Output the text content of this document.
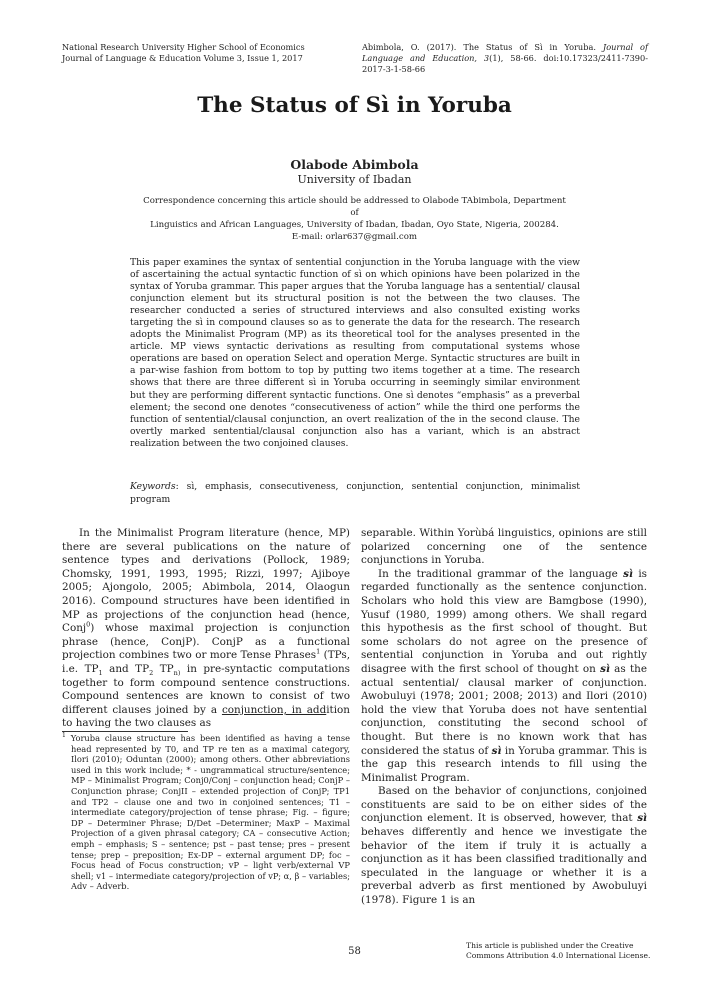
National Research University Higher School of Economics
Journal of Language & Education Volume 3, Issue 1, 2017
Abimbola, O. (2017). The Status of Sì in Yoruba. Journal of Language and Education, 3(1), 58-66. doi:10.17323/2411-7390-2017-3-1-58-66
The Status of Sì in Yoruba
Olabode Abimbola
University of Ibadan
Correspondence concerning this article should be addressed to Olabode TAbimbola, Department of
Linguistics and African Languages, University of Ibadan, Ibadan, Oyo State, Nigeria, 200284.
E-mail: orlar637@gmail.com
This paper examines the syntax of sentential conjunction in the Yoruba language with the view of ascertaining the actual syntactic function of sì on which opinions have been polarized in the syntax of Yoruba grammar. This paper argues that the Yoruba language has a sentential/ clausal conjunction element but its structural position is not the between the two clauses. The researcher conducted a series of structured interviews and also consulted existing works targeting the sì in compound clauses so as to generate the data for the research. The research adopts the Minimalist Program (MP) as its theoretical tool for the analyses presented in the article. MP views syntactic derivations as resulting from computational systems whose operations are based on operation Select and operation Merge. Syntactic structures are built in a par-wise fashion from bottom to top by putting two items together at a time. The research shows that there are three different sì in Yoruba occurring in seemingly similar environment but they are performing different syntactic functions. One sì denotes “emphasis” as a preverbal element; the second one denotes “consecutiveness of action” while the third one performs the function of sentential/clausal conjunction, an overt realization of the in the second clause. The overtly marked sentential/clausal conjunction also has a variant, which is an abstract realization between the two conjoined clauses.
Keywords: sì, emphasis, consecutiveness, conjunction, sentential conjunction, minimalist program

In the Minimalist Program literature (hence, MP) there are several publications on the nature of sentence types and derivations (Pollock, 1989; Chomsky, 1991, 1993, 1995; Rizzi, 1997; Ajiboye 2005; Ajongolo, 2005; Abimbola, 2014, Olaogun 2016). Compound structures have been identified in MP as projections of the conjunction head (hence, Conj$^0$) whose maximal projection is conjunction phrase (hence, ConjP). ConjP as a functional projection combines two or more Tense Phrases$^1$ (TPs, i.e. $TP_1$ and $TP_2$ $TP_{n)}$ in pre-syntactic computations together to form compound sentence constructions. Compound sentences are known to consist of two different clauses joined by a conjunction, in addition to having the two clauses as

$^1$ Yoruba clause structure has been identified as having a tense head represented by T0, and TP re ten as a maximal category, Ilori (2010); Oduntan (2000); among others. Other abbreviations used in this work include; * - ungrammatical structure/sentence; MP – Minimalist Program; Conj0/Conj – conjunction head; ConjP – Conjunction phrase; ConjII – extended projection of ConjP; TP1 and TP2 – clause one and two in conjoined sentences; T1 – intermediate category/projection of tense phrase; Fig. – figure; DP – Determiner Phrase; D/Det –Determiner; MaxP – Maximal Projection of a given phrasal category; CA – consecutive Action; emph – emphasis; S – sentence; pst – past tense; pres – present tense; prep – preposition; Ex-DP – external argument DP; foc – Focus head of Focus construction; vP – light verb/external VP shell; v1 – intermediate category/projection of vP; α, β – variables; Adv – Adverb.

separable. Within Yorùbá linguistics, opinions are still polarized concerning one of the sentence conjunctions in Yoruba.

In the traditional grammar of the language sì is regarded functionally as the sentence conjunction. Scholars who hold this view are Bamgbose (1990), Yusuf (1980, 1999) among others. We shall regard this hypothesis as the first school of thought. But some scholars do not agree on the presence of sentential conjunction in Yoruba and out rightly disagree with the first school of thought on sì as the actual sentential/ clausal marker of conjunction. Awobuluyi (1978; 2001; 2008; 2013) and Ilori (2010) hold the view that Yoruba does not have sentential conjunction, constituting the second school of thought. But there is no known work that has considered the status of sì in Yoruba grammar. This is the gap this research intends to fill using the Minimalist Program.

Based on the behavior of conjunctions, conjoined constituents are said to be on either sides of the conjunction element. It is observed, however, that sì behaves differently and hence we investigate the behavior of the item if truly it is actually a conjunction as it has been classified traditionally and speculated in the language or whether it is a preverbal adverb as first mentioned by Awobuluyi (1978). Figure 1 is an

58
This article is published under the Creative
Commons Attribution 4.0 International License.
